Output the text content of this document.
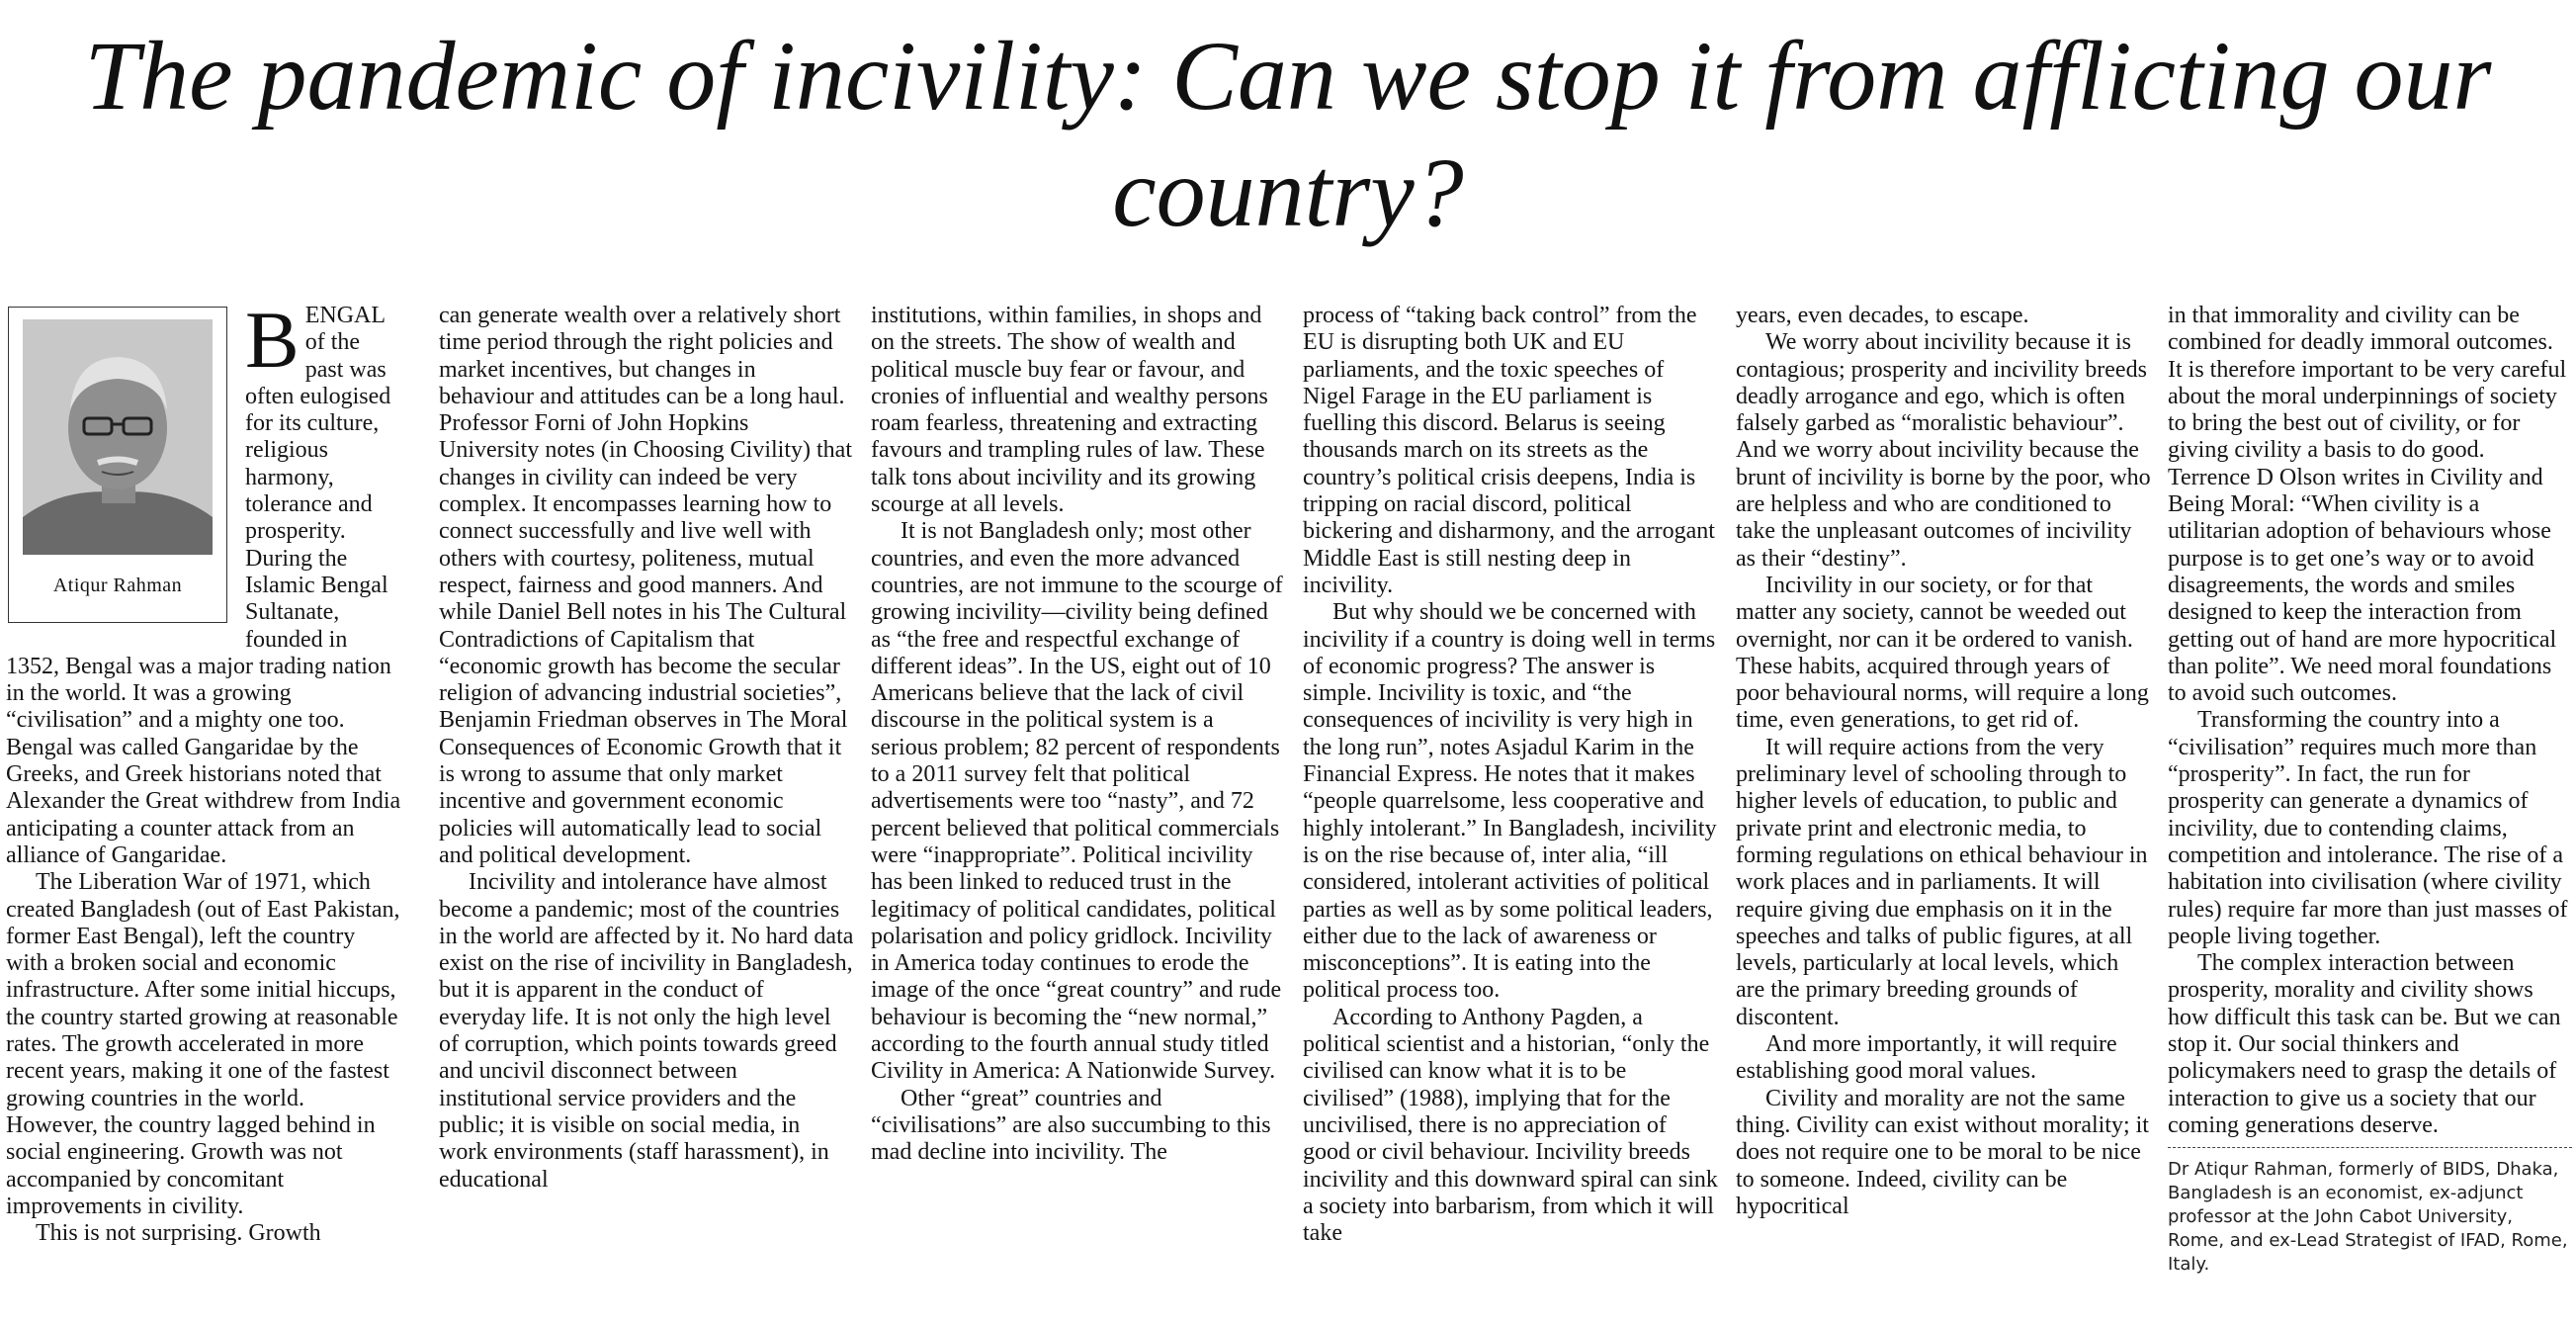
The pandemic of incivility: Can we stop it from afflicting our country?
Atiqur Rahman

BENGAL of the past was often eulogised for its culture, religious harmony, tolerance and prosperity. During the Islamic Bengal Sultanate, founded in 1352, Bengal was a major trading nation in the world. It was a growing “civilisation” and a mighty one too. Bengal was called Gangaridae by the Greeks, and Greek historians noted that Alexander the Great withdrew from India anticipating a counter attack from an alliance of Gangaridae.

The Liberation War of 1971, which created Bangladesh (out of East Pakistan, former East Bengal), left the country with a broken social and economic infrastructure. After some initial hiccups, the country started growing at reasonable rates. The growth accelerated in more recent years, making it one of the fastest growing countries in the world. However, the country lagged behind in social engineering. Growth was not accompanied by concomitant improvements in civility.

This is not surprising. Growth

can generate wealth over a relatively short time period through the right policies and market incentives, but changes in behaviour and attitudes can be a long haul. Professor Forni of John Hopkins University notes (in Choosing Civility) that changes in civility can indeed be very complex. It encompasses learning how to connect successfully and live well with others with courtesy, politeness, mutual respect, fairness and good manners. And while Daniel Bell notes in his The Cultural Contradictions of Capitalism that “economic growth has become the secular religion of advancing industrial societies”, Benjamin Friedman observes in The Moral Consequences of Economic Growth that it is wrong to assume that only market incentive and government economic policies will automatically lead to social and political development.

Incivility and intolerance have almost become a pandemic; most of the countries in the world are affected by it. No hard data exist on the rise of incivility in Bangladesh, but it is apparent in the conduct of everyday life. It is not only the high level of corruption, which points towards greed and uncivil disconnect between institutional service providers and the public; it is visible on social media, in work environments (staff harassment), in educational

institutions, within families, in shops and on the streets. The show of wealth and political muscle buy fear or favour, and cronies of influential and wealthy persons roam fearless, threatening and extracting favours and trampling rules of law. These talk tons about incivility and its growing scourge at all levels.

It is not Bangladesh only; most other countries, and even the more advanced countries, are not immune to the scourge of growing incivility—civility being defined as “the free and respectful exchange of different ideas”. In the US, eight out of 10 Americans believe that the lack of civil discourse in the political system is a serious problem; 82 percent of respondents to a 2011 survey felt that political advertisements were too “nasty”, and 72 percent believed that political commercials were “inappropriate”. Political incivility has been linked to reduced trust in the legitimacy of political candidates, political polarisation and policy gridlock. Incivility in America today continues to erode the image of the once “great country” and rude behaviour is becoming the “new normal,” according to the fourth annual study titled Civility in America: A Nationwide Survey.

Other “great” countries and “civilisations” are also succumbing to this mad decline into incivility. The

process of “taking back control” from the EU is disrupting both UK and EU parliaments, and the toxic speeches of Nigel Farage in the EU parliament is fuelling this discord. Belarus is seeing thousands march on its streets as the country’s political crisis deepens, India is tripping on racial discord, political bickering and disharmony, and the arrogant Middle East is still nesting deep in incivility.

But why should we be concerned with incivility if a country is doing well in terms of economic progress? The answer is simple. Incivility is toxic, and “the consequences of incivility is very high in the long run”, notes Asjadul Karim in the Financial Express. He notes that it makes “people quarrelsome, less cooperative and highly intolerant.” In Bangladesh, incivility is on the rise because of, inter alia, “ill considered, intolerant activities of political parties as well as by some political leaders, either due to the lack of awareness or misconceptions”. It is eating into the political process too.

According to Anthony Pagden, a political scientist and a historian, “only the civilised can know what it is to be civilised” (1988), implying that for the uncivilised, there is no appreciation of good or civil behaviour. Incivility breeds incivility and this downward spiral can sink a society into barbarism, from which it will take

years, even decades, to escape.

We worry about incivility because it is contagious; prosperity and incivility breeds deadly arrogance and ego, which is often falsely garbed as “moralistic behaviour”. And we worry about incivility because the brunt of incivility is borne by the poor, who are helpless and who are conditioned to take the unpleasant outcomes of incivility as their “destiny”.

Incivility in our society, or for that matter any society, cannot be weeded out overnight, nor can it be ordered to vanish. These habits, acquired through years of poor behavioural norms, will require a long time, even generations, to get rid of.

It will require actions from the very preliminary level of schooling through to higher levels of education, to public and private print and electronic media, to forming regulations on ethical behaviour in work places and in parliaments. It will require giving due emphasis on it in the speeches and talks of public figures, at all levels, particularly at local levels, which are the primary breeding grounds of discontent.

And more importantly, it will require establishing good moral values.

Civility and morality are not the same thing. Civility can exist without morality; it does not require one to be moral to be nice to someone. Indeed, civility can be hypocritical

in that immorality and civility can be combined for deadly immoral outcomes. It is therefore important to be very careful about the moral underpinnings of society to bring the best out of civility, or for giving civility a basis to do good. Terrence D Olson writes in Civility and Being Moral: “When civility is a utilitarian adoption of behaviours whose purpose is to get one’s way or to avoid disagreements, the words and smiles designed to keep the interaction from getting out of hand are more hypocritical than polite”. We need moral foundations to avoid such outcomes.

Transforming the country into a “civilisation” requires much more than “prosperity”. In fact, the run for prosperity can generate a dynamics of incivility, due to contending claims, competition and intolerance. The rise of a habitation into civilisation (where civility rules) require far more than just masses of people living together.

The complex interaction between prosperity, morality and civility shows how difficult this task can be. But we can stop it. Our social thinkers and policymakers need to grasp the details of interaction to give us a society that our coming generations deserve.

Dr Atiqur Rahman, formerly of BIDS, Dhaka, Bangladesh is an economist, ex-adjunct professor at the John Cabot University, Rome, and ex-Lead Strategist of IFAD, Rome, Italy.
